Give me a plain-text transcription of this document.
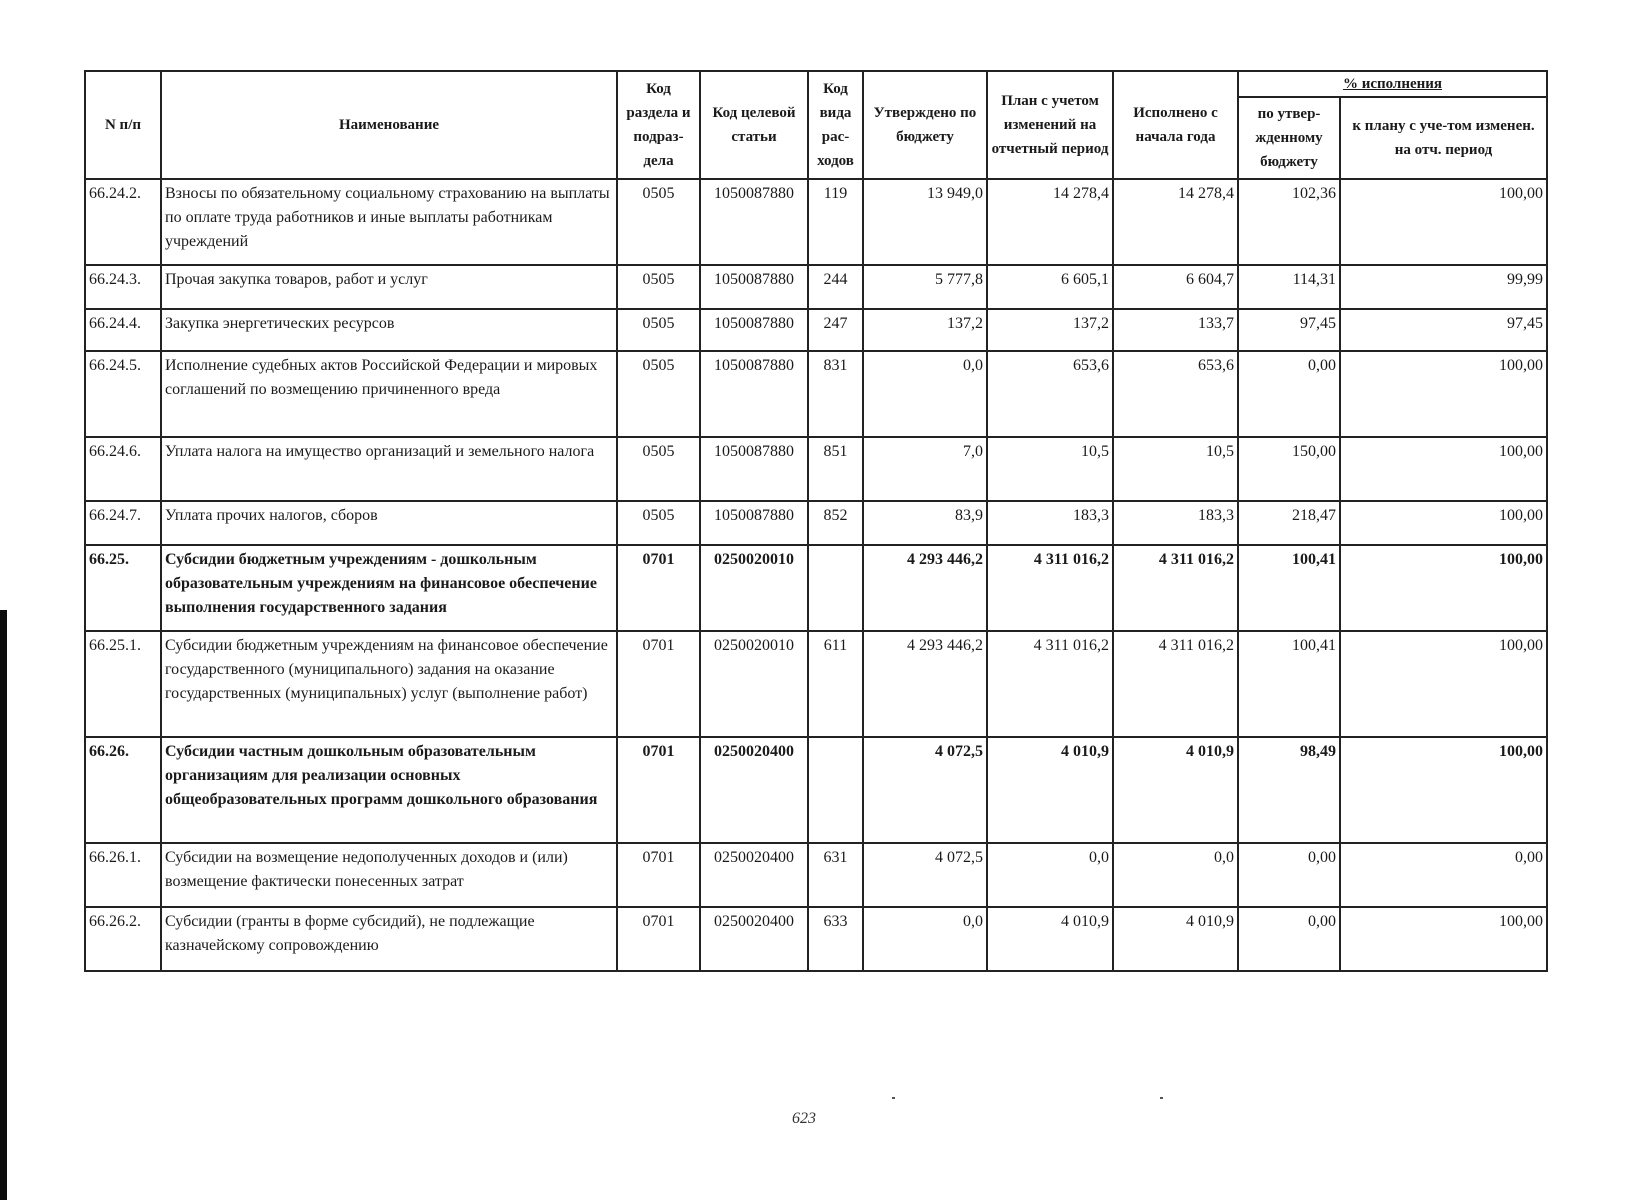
N п/п	Наименование	Код раздела и подраз-дела	Код целевой статьи	Код вида рас-ходов	Утверждено по бюджету	План с учетом изменений на отчетный период	Исполнено с начала года	% исполнения	
								по утвер-жденному бюджету	к плану с уче-том изменен. на отч. период
66.24.2.	Взносы по обязательному социальному страхованию на выплаты по оплате труда работников и иные выплаты работникам учреждений	0505	1050087880	119	13 949,0	14 278,4	14 278,4	102,36	100,00
66.24.3.	Прочая закупка товаров, работ и услуг	0505	1050087880	244	5 777,8	6 605,1	6 604,7	114,31	99,99
66.24.4.	Закупка энергетических ресурсов	0505	1050087880	247	137,2	137,2	133,7	97,45	97,45
66.24.5.	Исполнение судебных актов Российской Федерации и мировых соглашений по возмещению причиненного вреда	0505	1050087880	831	0,0	653,6	653,6	0,00	100,00
66.24.6.	Уплата налога на имущество организаций и земельного налога	0505	1050087880	851	7,0	10,5	10,5	150,00	100,00
66.24.7.	Уплата прочих налогов, сборов	0505	1050087880	852	83,9	183,3	183,3	218,47	100,00
66.25.	Субсидии бюджетным учреждениям - дошкольным образовательным учреждениям на финансовое обеспечение выполнения государственного задания	0701	0250020010		4 293 446,2	4 311 016,2	4 311 016,2	100,41	100,00
66.25.1.	Субсидии бюджетным учреждениям на финансовое обеспечение государственного (муниципального) задания на оказание государственных (муниципальных) услуг (выполнение работ)	0701	0250020010	611	4 293 446,2	4 311 016,2	4 311 016,2	100,41	100,00
66.26.	Субсидии частным дошкольным образовательным организациям для реализации основных общеобразовательных программ дошкольного образования	0701	0250020400		4 072,5	4 010,9	4 010,9	98,49	100,00
66.26.1.	Субсидии на возмещение недополученных доходов и (или) возмещение фактически понесенных затрат	0701	0250020400	631	4 072,5	0,0	0,0	0,00	0,00
66.26.2.	Субсидии (гранты в форме субсидий), не подлежащие казначейскому сопровождению	0701	0250020400	633	0,0	4 010,9	4 010,9	0,00	100,00
623
